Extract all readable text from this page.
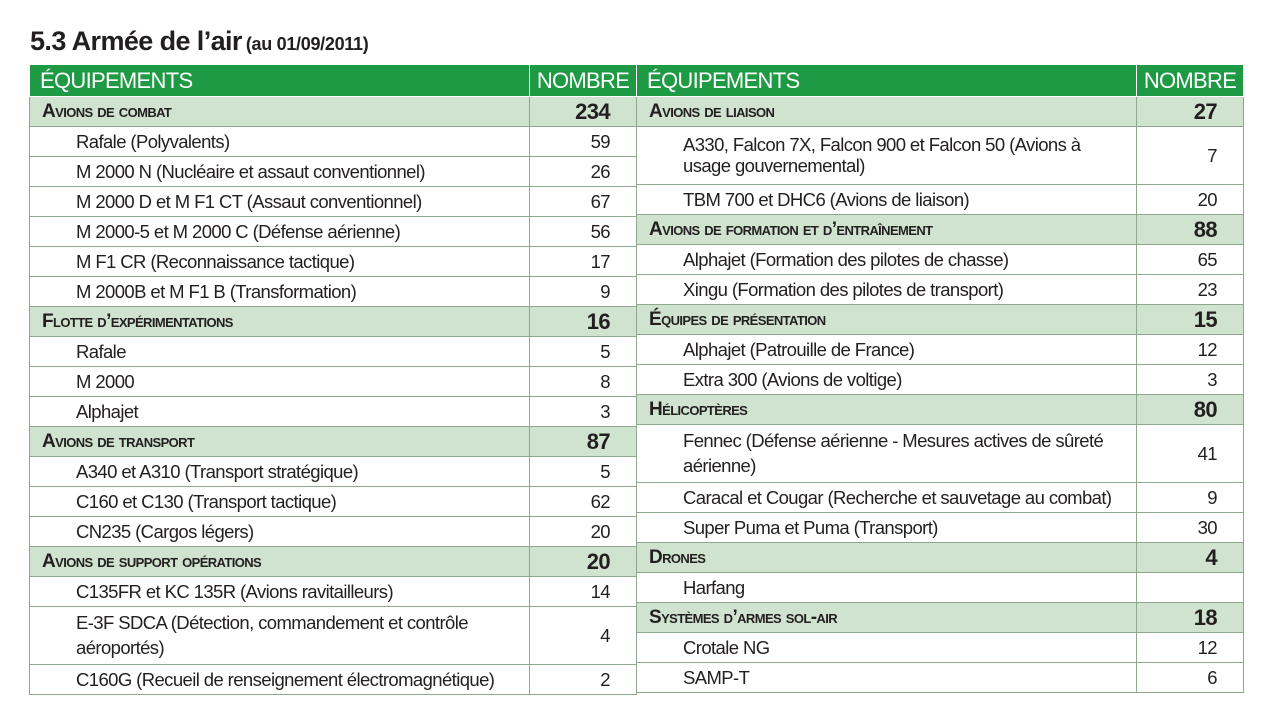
5.3 Armée de l’air (au 01/09/2011)
ÉQUIPEMENTS	NOMBRE
Avions de combat	234
Rafale (Polyvalents)	59
M 2000 N (Nucléaire et assaut conventionnel)	26
M 2000 D et M F1 CT (Assaut conventionnel)	67
M 2000-5 et M 2000 C (Défense aérienne)	56
M F1 CR (Reconnaissance tactique)	17
M 2000B et M F1 B (Transformation)	9
Flotte d’expérimentations	16
Rafale	5
M 2000	8
Alphajet	3
Avions de transport	87
A340 et A310 (Transport stratégique)	5
C160 et C130 (Transport tactique)	62
CN235 (Cargos légers)	20
Avions de support opérations	20
C135FR et KC 135R (Avions ravitailleurs)	14
E-3F SDCA (Détection, commandement et contrôle aéroportés)	4
C160G (Recueil de renseignement électromagnétique)	2
ÉQUIPEMENTS	NOMBRE
Avions de liaison	27
A330, Falcon 7X, Falcon 900 et Falcon 50 (Avions à usage gouvernemental)	7
TBM 700 et DHC6 (Avions de liaison)	20
Avions de formation et d’entraînement	88
Alphajet (Formation des pilotes de chasse)	65
Xingu (Formation des pilotes de transport)	23
Équipes de présentation	15
Alphajet (Patrouille de France)	12
Extra 300 (Avions de voltige)	3
Hélicoptères	80
Fennec (Défense aérienne - Mesures actives de sûreté aérienne)	41
Caracal et Cougar (Recherche et sauvetage au combat)	9
Super Puma et Puma (Transport)	30
Drones	4
Harfang	
Systèmes d’armes sol-air	18
Crotale NG	12
SAMP-T	6
